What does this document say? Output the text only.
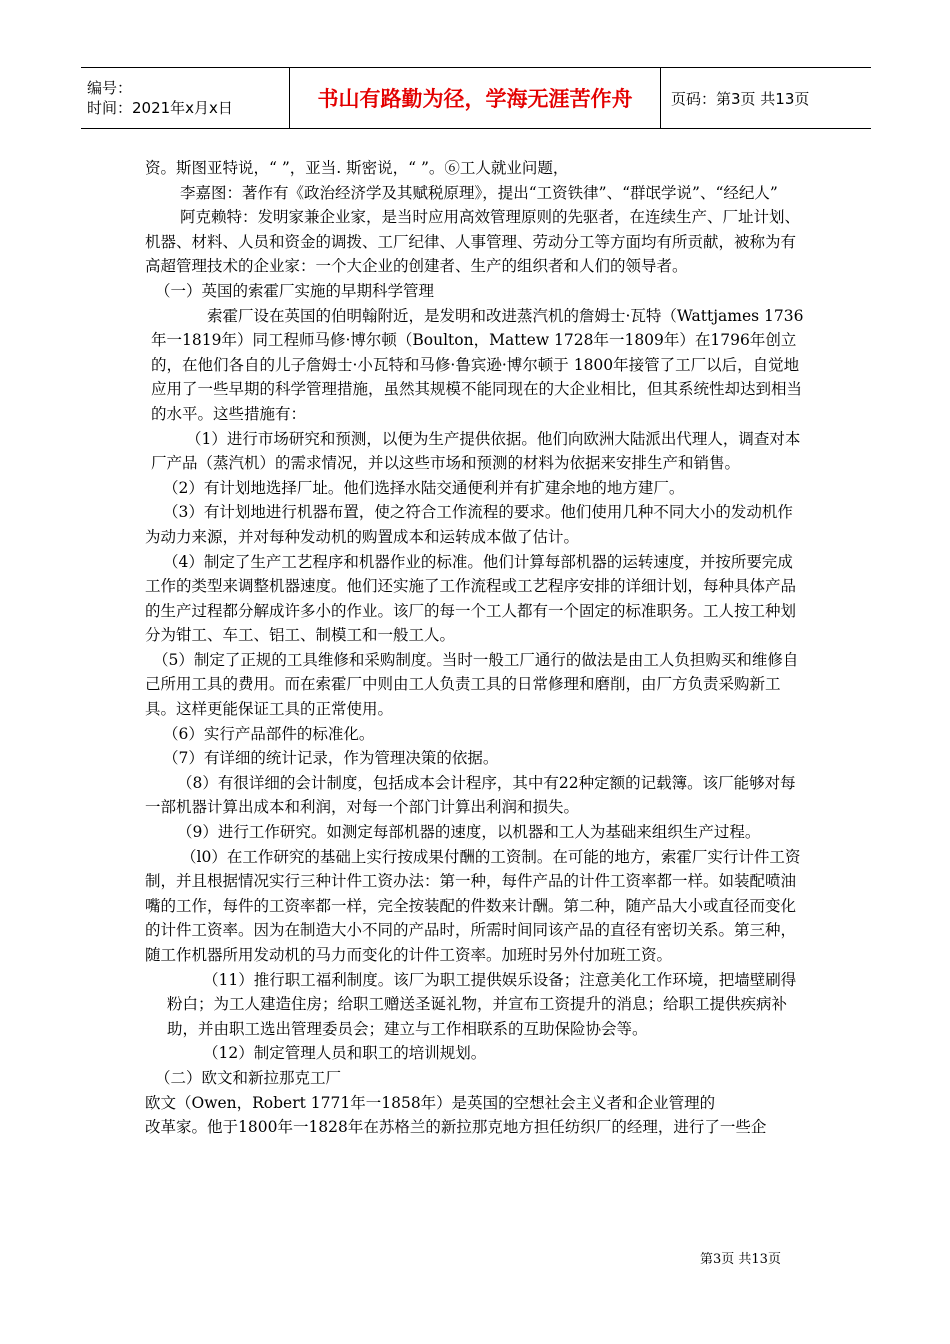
编号：
时间：2021年x月x日	书山有路勤为径，学海无涯苦作舟	页码：第3页 共13页

资。斯图亚特说，“ ”，亚当. 斯密说，“ ”。⑥工人就业问题，

李嘉图：著作有《政治经济学及其赋税原理》，提出“工资铁律”、“群氓学说”、“经纪人”

阿克赖特：发明家兼企业家，是当时应用高效管理原则的先驱者，在连续生产、厂址计划、机器、材料、人员和资金的调拨、工厂纪律、人事管理、劳动分工等方面均有所贡献，被称为有高超管理技术的企业家：一个大企业的创建者、生产的组织者和人们的领导者。

（一）英国的索霍厂实施的早期科学管理

索霍厂设在英国的伯明翰附近，是发明和改进蒸汽机的詹姆士·瓦特（Wattjames 1736年一1819年）同工程师马修·博尔顿（Boulton，Mattew 1728年一1809年）在1796年创立的，在他们各自的儿子詹姆士·小瓦特和马修·鲁宾逊·博尔顿于 1800年接管了工厂以后，自觉地应用了一些早期的科学管理措施，虽然其规模不能同现在的大企业相比，但其系统性却达到相当的水平。这些措施有：

（1）进行市场研究和预测，以便为生产提供依据。他们向欧洲大陆派出代理人，调查对本厂产品（蒸汽机）的需求情况，并以这些市场和预测的材料为依据来安排生产和销售。

（2）有计划地选择厂址。他们选择水陆交通便利并有扩建余地的地方建厂。

（3）有计划地进行机器布置，使之符合工作流程的要求。他们使用几种不同大小的发动机作为动力来源，并对每种发动机的购置成本和运转成本做了估计。

（4）制定了生产工艺程序和机器作业的标准。他们计算每部机器的运转速度，并按所要完成工作的类型来调整机器速度。他们还实施了工作流程或工艺程序安排的详细计划，每种具体产品的生产过程都分解成许多小的作业。该厂的每一个工人都有一个固定的标准职务。工人按工种划分为钳工、车工、铝工、制模工和一般工人。

（5）制定了正规的工具维修和采购制度。当时一般工厂通行的做法是由工人负担购买和维修自己所用工具的费用。而在索霍厂中则由工人负责工具的日常修理和磨削，由厂方负责采购新工具。这样更能保证工具的正常使用。

（6）实行产品部件的标准化。

（7）有详细的统计记录，作为管理决策的依据。

（8）有很详细的会计制度，包括成本会计程序，其中有22种定额的记载簿。该厂能够对每一部机器计算出成本和利润，对每一个部门计算出利润和损失。

（9）进行工作研究。如测定每部机器的速度，以机器和工人为基础来组织生产过程。

（l0）在工作研究的基础上实行按成果付酬的工资制。在可能的地方，索霍厂实行计件工资制，并且根据情况实行三种计件工资办法：第一种，每件产品的计件工资率都一样。如装配喷油嘴的工作，每件的工资率都一样，完全按装配的件数来计酬。第二种，随产品大小或直径而变化的计件工资率。因为在制造大小不同的产品时，所需时间同该产品的直径有密切关系。第三种，随工作机器所用发动机的马力而变化的计件工资率。加班时另外付加班工资。

（11）推行职工福利制度。该厂为职工提供娱乐设备；注意美化工作环境，把墙壁刷得粉白；为工人建造住房；给职工赠送圣诞礼物，并宣布工资提升的消息；给职工提供疾病补助，并由职工选出管理委员会；建立与工作相联系的互助保险协会等。

（12）制定管理人员和职工的培训规划。

（二）欧文和新拉那克工厂

欧文（Owen，Robert 1771年一1858年）是英国的空想社会主义者和企业管理的

改革家。他于1800年一1828年在苏格兰的新拉那克地方担任纺织厂的经理，进行了一些企

第3页 共13页
